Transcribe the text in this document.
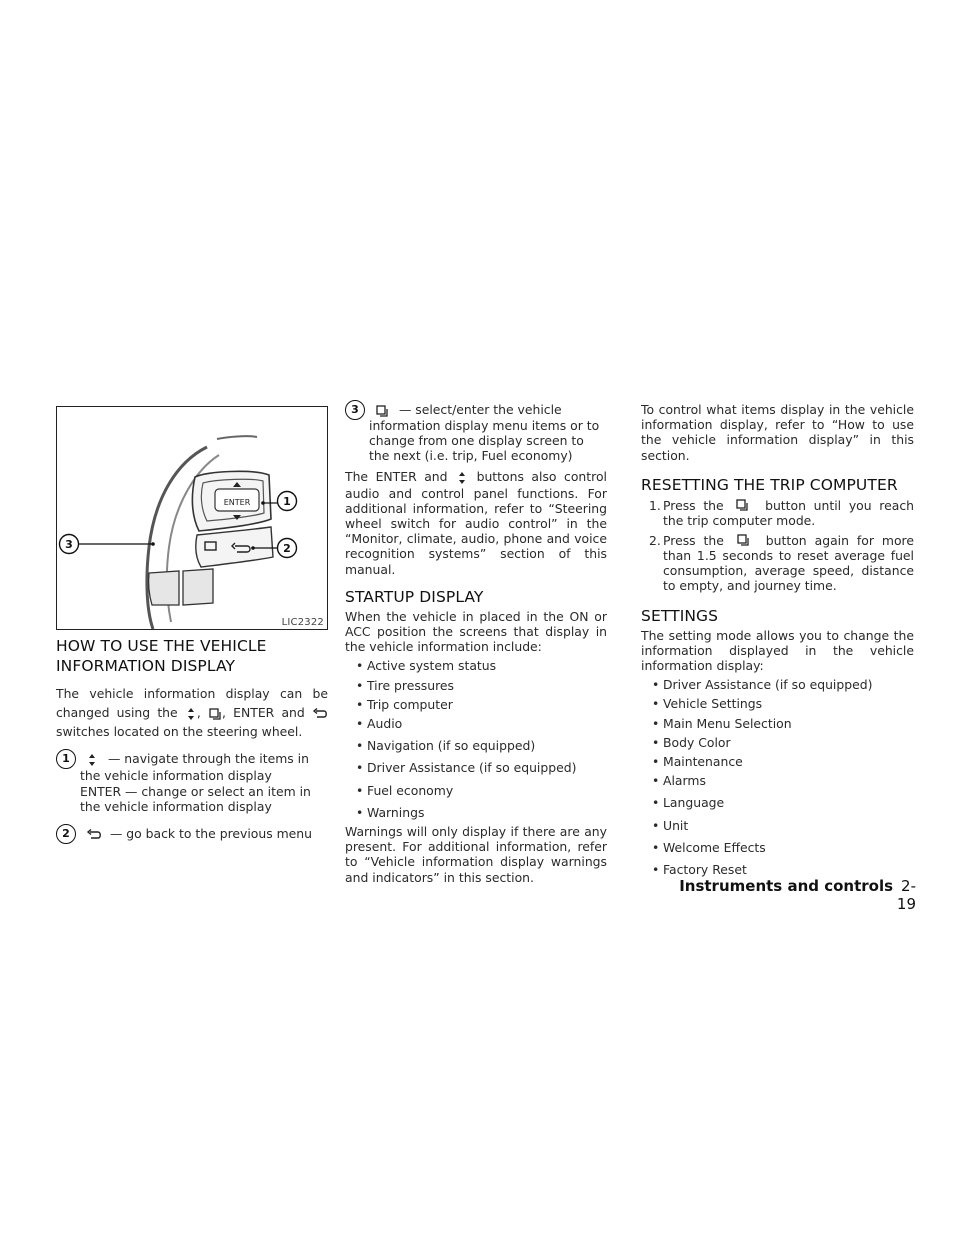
ENTER	1
3	2
LIC2322
HOW TO USE THE VEHICLE INFORMATION DISPLAY

The vehicle information display can be changed using the , , ENTER and  switches located on the steering wheel.

1	— navigate through the items in the vehicle information display
ENTER — change or select an item in the vehicle information display
2	— go back to the previous menu
3	— select/enter the vehicle information display menu items or to change from one display screen to the next (i.e. trip, Fuel economy)

The ENTER and buttons also control audio and control panel functions. For additional information, refer to “Steering wheel switch for audio control” in the “Monitor, climate, audio, phone and voice recognition systems” section of this manual.

STARTUP DISPLAY

When the vehicle in placed in the ON or ACC position the screens that display in the vehicle information include:

• Active system status
• Tire pressures
• Trip computer
• Audio
• Navigation (if so equipped)
• Driver Assistance (if so equipped)
• Fuel economy
• Warnings

Warnings will only display if there are any present. For additional information, refer to “Vehicle information display warnings and indicators” in this section.

To control what items display in the vehicle information display, refer to “How to use the vehicle information display” in this section.

RESETTING THE TRIP COMPUTER
1. Press the	button until you reach the trip computer mode.
2. Press the	button again for more than 1.5 seconds to reset average fuel consumption, average speed, distance to empty, and journey time.
SETTINGS

The setting mode allows you to change the information displayed in the vehicle information display:

• Driver Assistance (if so equipped)
• Vehicle Settings
• Main Menu Selection
• Body Color
• Maintenance
• Alarms
• Language
• Unit
• Welcome Effects
• Factory Reset
Instruments and controls 2-19
